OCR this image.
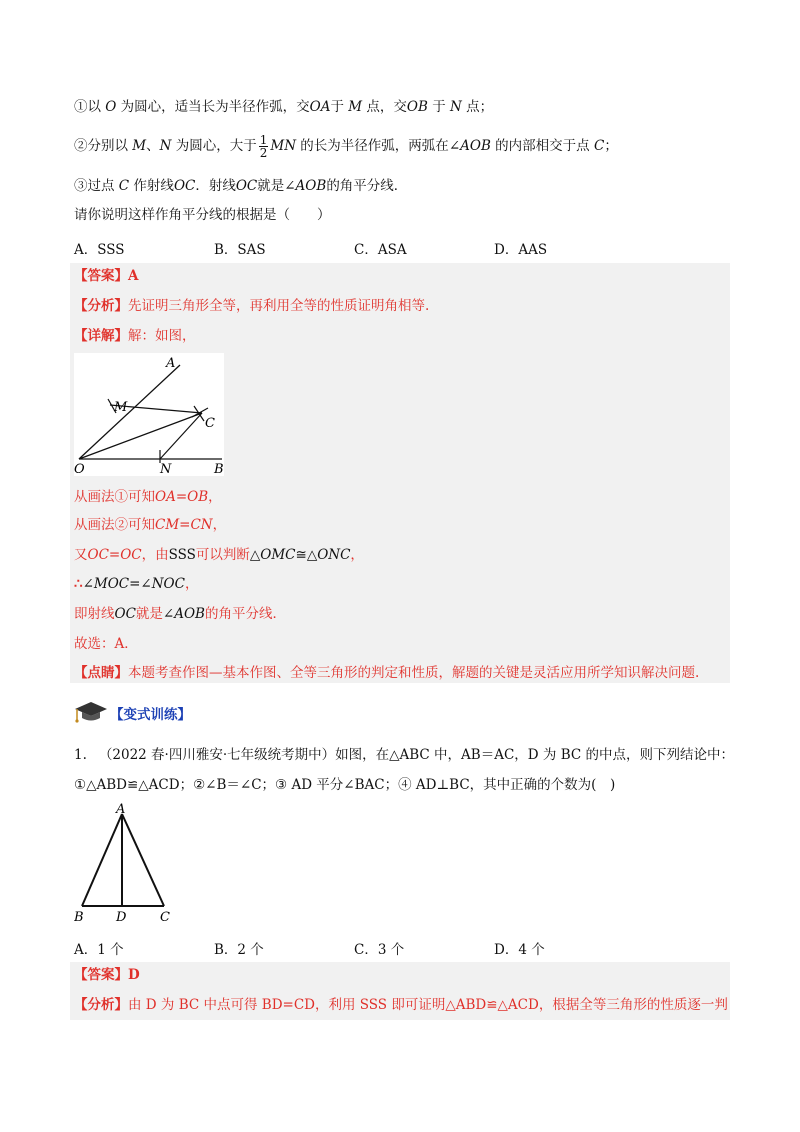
①以 O 为圆心，适当长为半径作弧，交OA于 M 点，交OB 于 N 点；
②分别以 M、N 为圆心，大于 $\frac{1}{2}$ MN 的长为半径作弧，两弧在∠AOB 的内部相交于点 C；
③过点 C 作射线OC．射线OC就是∠AOB的角平分线．
请你说明这样作角平分线的根据是（　　）
A．SSS	B．SAS	C．ASA	D．AAS
【答案】A
【分析】先证明三角形全等，再利用全等的性质证明角相等.
【详解】解：如图，
A
M
C
O	N	B
从画法①可知OA=OB，
从画法②可知CM=CN，
又OC=OC，由SSS可以判断△OMC≅△ONC，
∴∠MOC=∠NOC，
即射线OC就是∠AOB的角平分线．
故选：A．
【点睛】本题考查作图—基本作图、全等三角形的判定和性质，解题的关键是灵活应用所学知识解决问题.
【变式训练】
1. （2022 春·四川雅安·七年级统考期中）如图，在△ABC 中，AB＝AC，D 为 BC 的中点，则下列结论中：
①△ABD≌△ACD；②∠B＝∠C；③ AD 平分∠BAC；④ AD⊥BC，其中正确的个数为(　)
A
B D	C
A．1 个	B．2 个	C．3 个	D．4 个
【答案】D
【分析】由 D 为 BC 中点可得 BD=CD，利用 SSS 即可证明△ABD≌△ACD，根据全等三角形的性质逐一判
